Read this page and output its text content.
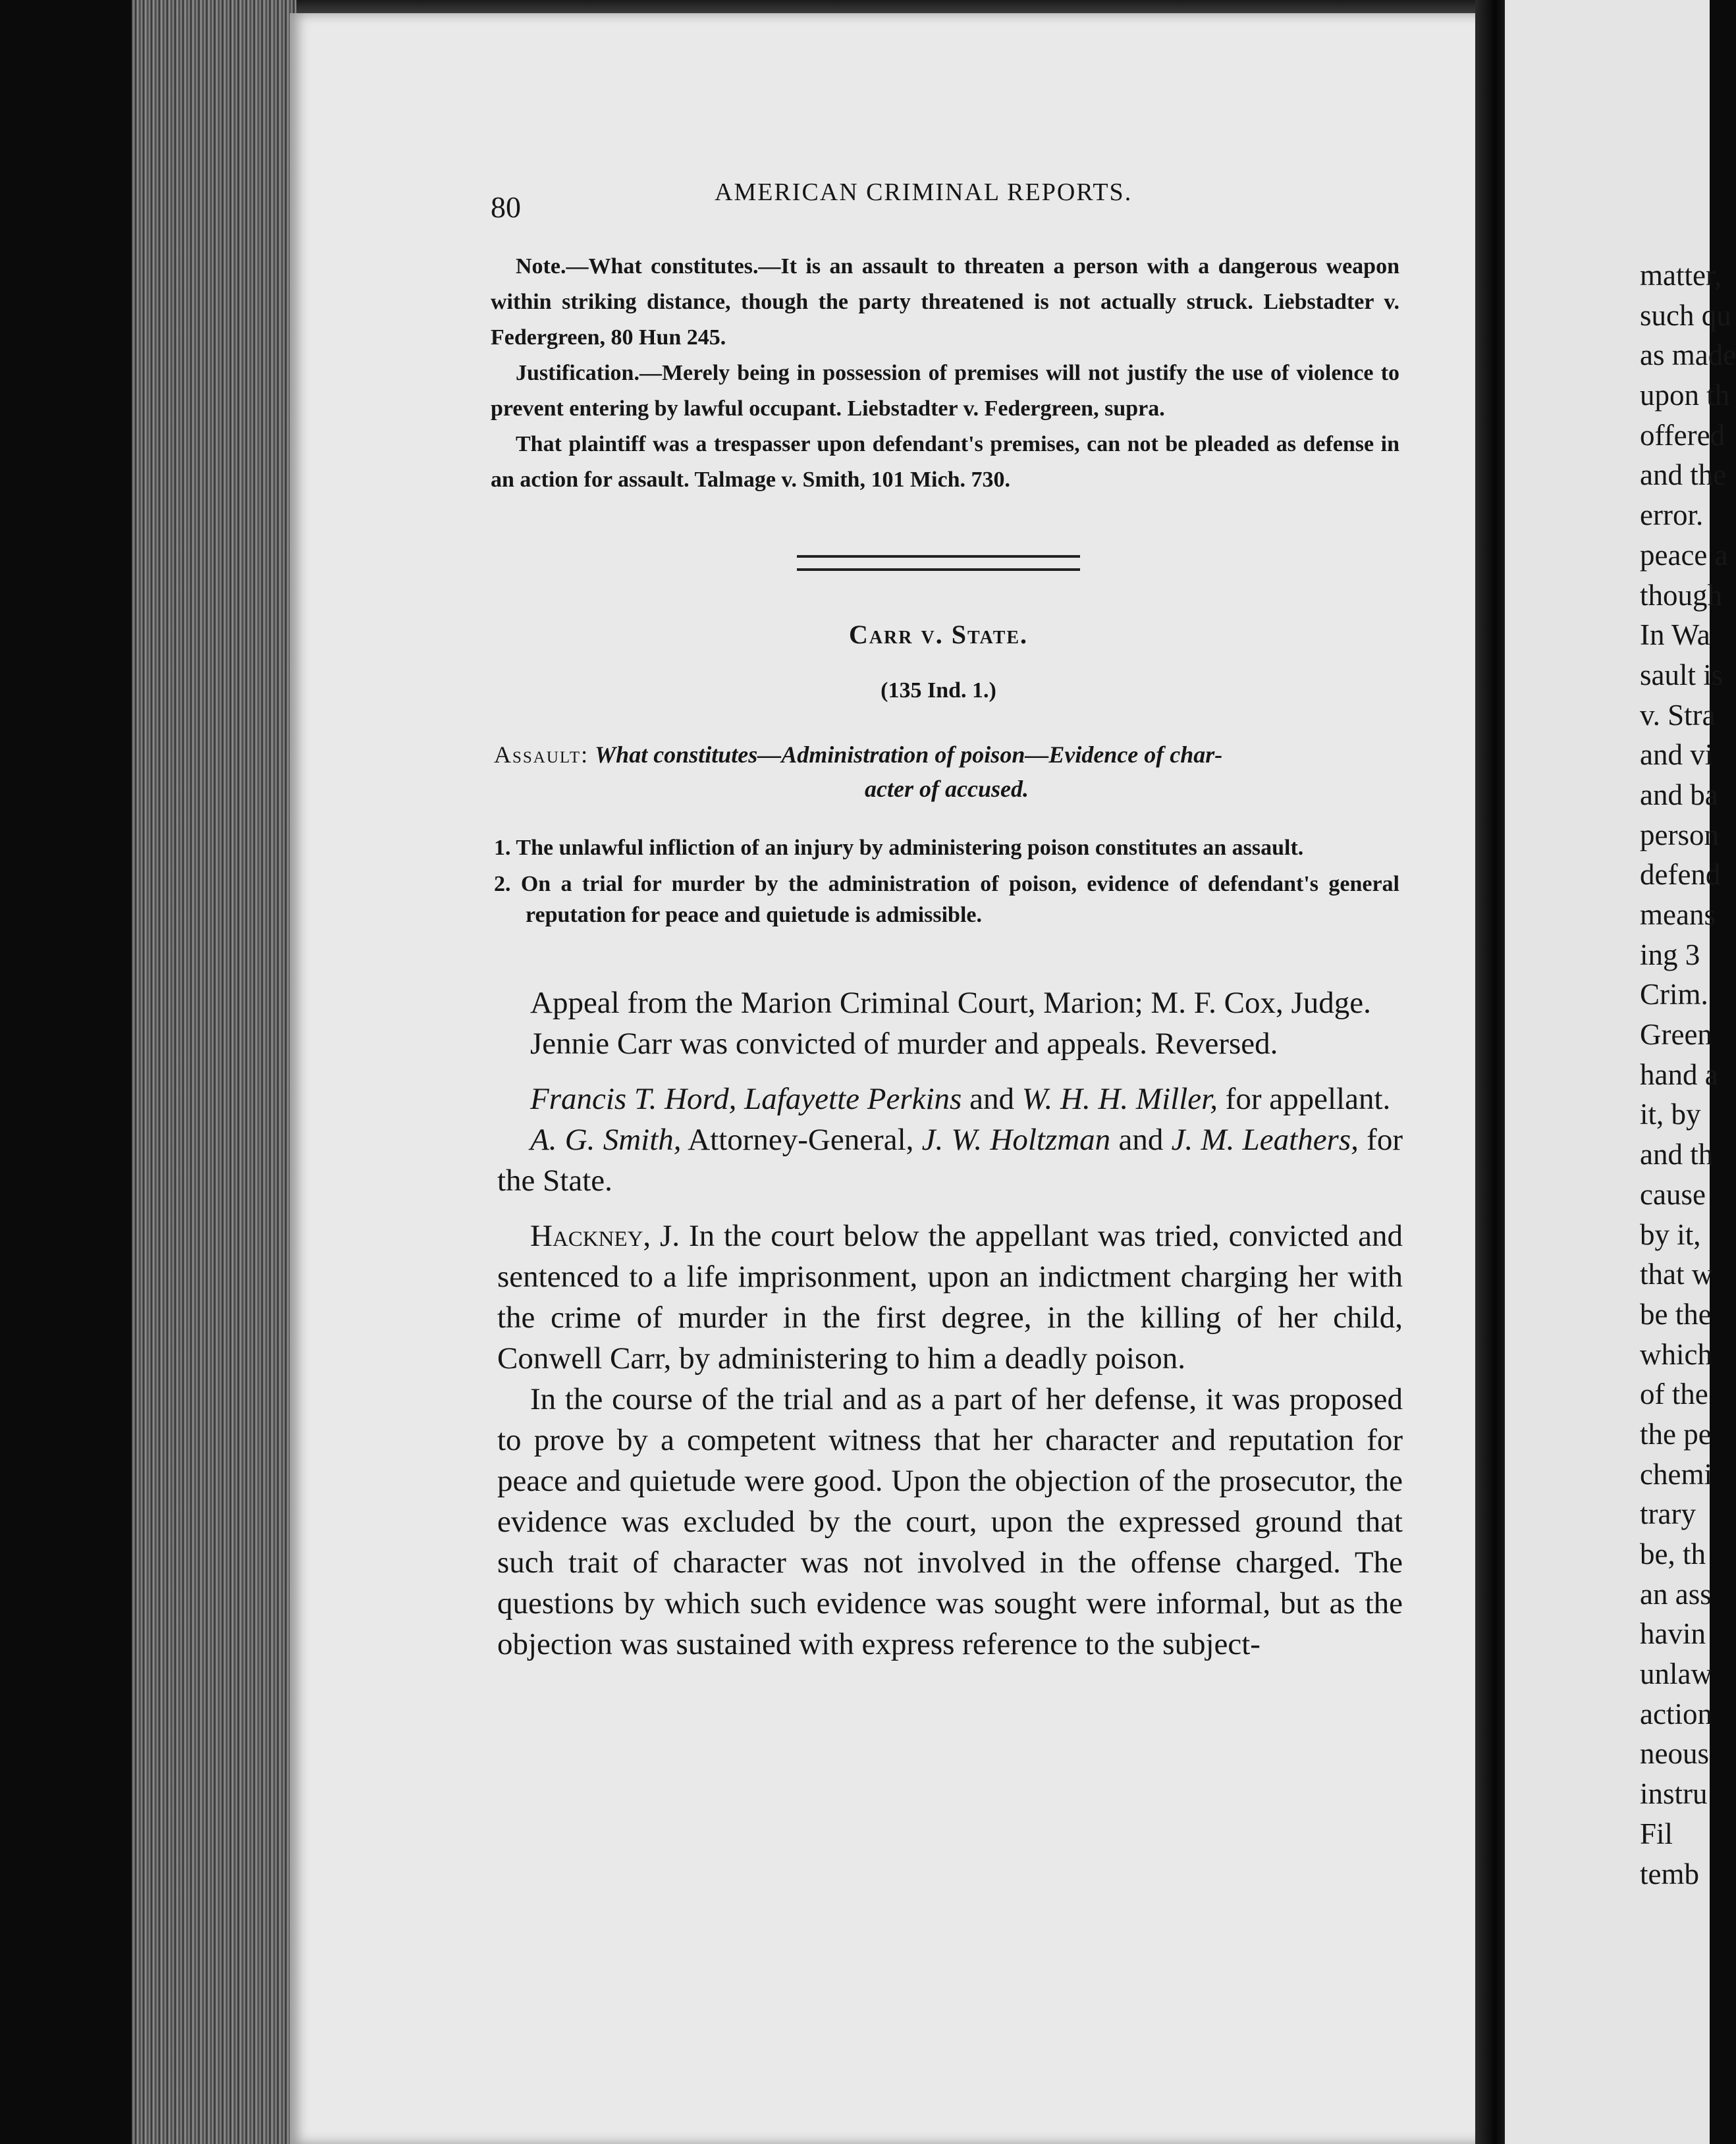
80	AMERICAN CRIMINAL REPORTS.

Note.—What constitutes.—It is an assault to threaten a person with a dangerous weapon within striking distance, though the party threatened is not actually struck. Liebstadter v. Federgreen, 80 Hun 245.

Justification.—Merely being in possession of premises will not justify the use of violence to prevent entering by lawful occupant. Liebstadter v. Federgreen, supra.

That plaintiff was a trespasser upon defendant's premises, can not be pleaded as defense in an action for assault. Talmage v. Smith, 101 Mich. 730.

Carr v. State.
(135 Ind. 1.)
Assault: What constitutes—Administration of poison—Evidence of char-
acter of accused.

1. The unlawful infliction of an injury by administering poison constitutes an assault.

2. On a trial for murder by the administration of poison, evidence of defendant's general reputation for peace and quietude is admissible.

Appeal from the Marion Criminal Court, Marion; M. F. Cox, Judge.

Jennie Carr was convicted of murder and appeals. Reversed.

Francis T. Hord, Lafayette Perkins and W. H. H. Miller, for appellant.

A. G. Smith, Attorney-General, J. W. Holtzman and J. M. Leathers, for the State.

Hackney, J. In the court below the appellant was tried, convicted and sentenced to a life imprisonment, upon an indictment charging her with the crime of murder in the first degree, in the killing of her child, Conwell Carr, by administering to him a deadly poison.

In the course of the trial and as a part of her defense, it was proposed to prove by a competent witness that her character and reputation for peace and quietude were good. Upon the objection of the prosecutor, the evidence was excluded by the court, upon the expressed ground that such trait of character was not involved in the offense charged. The questions by which such evidence was sought were informal, but as the objection was sustained with express reference to the subject-

matter,
such qu
as made
upon th
offered
and the
error.
peace a
though
In Wa
sault is
v. Stra
and vi
and ba
person
defend
means
ing 3
Crim.
Green
hand a
it, by
and th
cause
by it,
that w
be the
which
of the
the pe
chemi
trary
be, th
an ass
havin
unlaw
action
neous
instru
Fil
temb
